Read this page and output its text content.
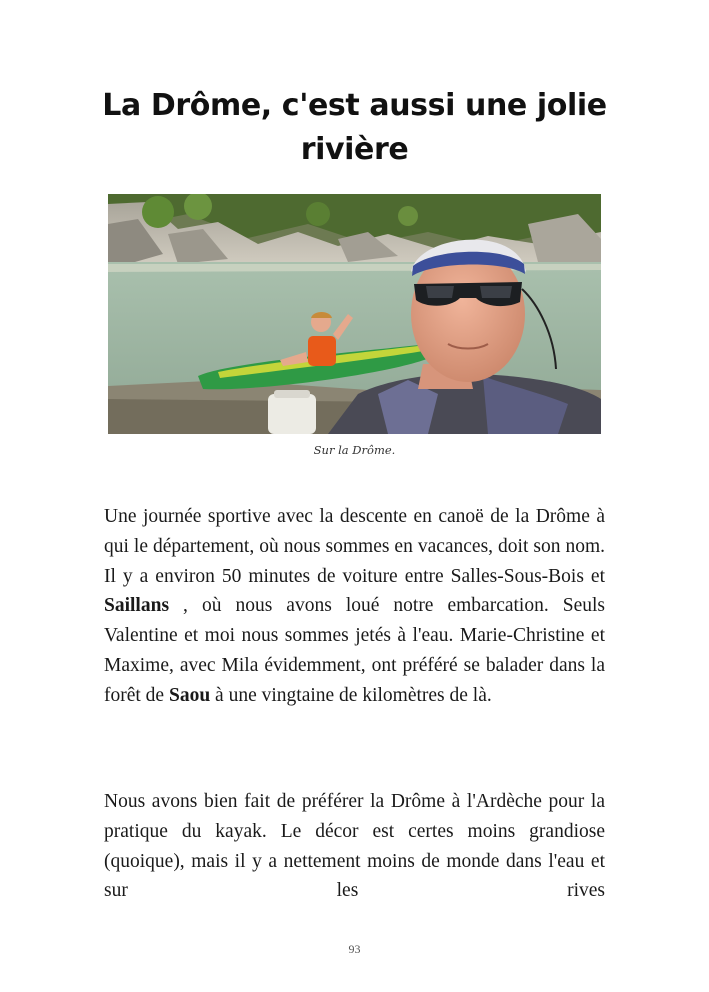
La Drôme, c'est aussi une jolie rivière
Sur la Drôme.

Une journée sportive avec la descente en canoë de la Drôme à qui le département, où nous sommes en vacances, doit son nom. Il y a environ 50 minutes de voiture entre Salles-Sous-Bois et Saillans , où nous avons loué notre embarcation. Seuls Valentine et moi nous sommes jetés à l'eau. Marie-Christine et Maxime, avec Mila évidemment, ont préféré se balader dans la forêt de Saou à une vingtaine de kilomètres de là.

Nous avons bien fait de préférer la Drôme à l'Ardèche pour la pratique du kayak. Le décor est certes moins grandiose (quoique), mais il y a nettement moins de monde dans l'eau et sur les rives

93
